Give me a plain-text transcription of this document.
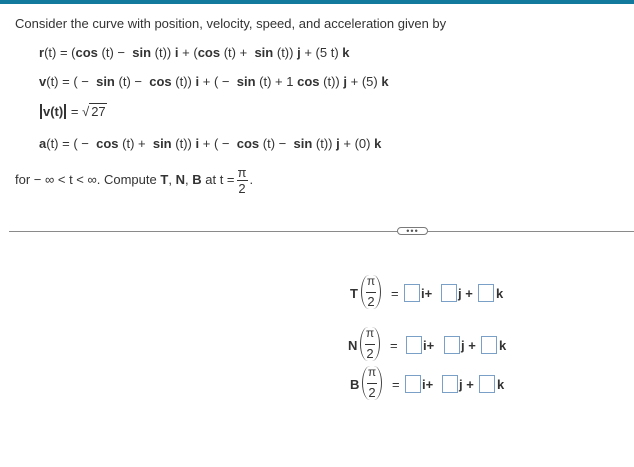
Consider the curve with position, velocity, speed, and acceleration given by
r(t) = (cos (t) − sin (t)) i + (cos (t) + sin (t)) j + (5 t) k
v(t) = ( − sin (t) − cos (t)) i + ( − sin (t) + 1 cos (t)) j + (5) k
v(t) = √ 27
a(t) = ( − cos (t) + sin (t)) i + ( − cos (t) − sin (t)) j + (0) k
for − ∞ < t < ∞. Compute T, N, B at $t = \frac{\pi}{2}$ .
•••
T
π
2
= i+ j + k
N
π
2
= i+ j + k
B
π
2
= i+ j + k
